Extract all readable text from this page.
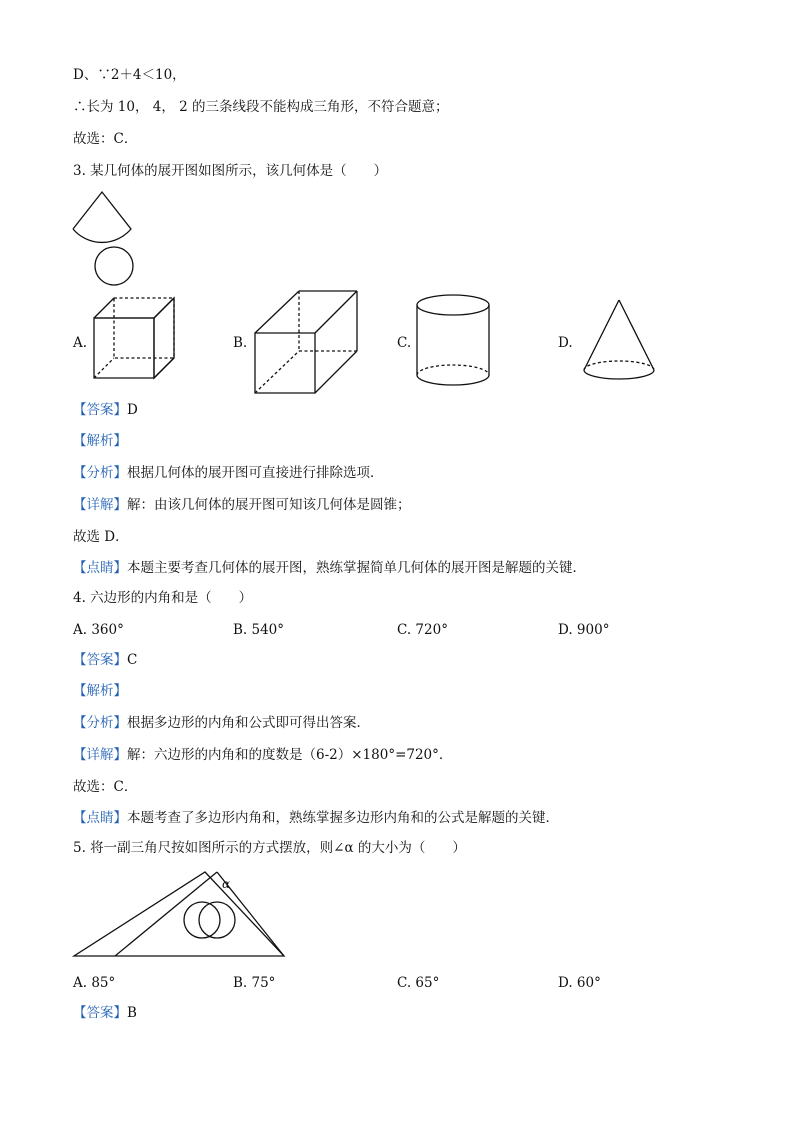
D、∵2＋4＜10，
∴长为 10， 4， 2 的三条线段不能构成三角形，不符合题意；
故选：C．
3. 某几何体的展开图如图所示，该几何体是（　　）
A.	B.	C.	D.
【答案】D
【解析】
【分析】根据几何体的展开图可直接进行排除选项．
【详解】解：由该几何体的展开图可知该几何体是圆锥；
故选 D．
【点睛】本题主要考查几何体的展开图，熟练掌握简单几何体的展开图是解题的关键．
4. 六边形的内角和是（　　）
A. 360°	B. 540°	C. 720°	D. 900°
【答案】C
【解析】
【分析】根据多边形的内角和公式即可得出答案．
【详解】解：六边形的内角和的度数是（6-2）×180°=720°．
故选：C．
【点睛】本题考查了多边形内角和，熟练掌握多边形内角和的公式是解题的关键．
5. 将一副三角尺按如图所示的方式摆放，则∠α 的大小为（　　）
α
A. 85°	B. 75°	C. 65°	D. 60°
【答案】B
